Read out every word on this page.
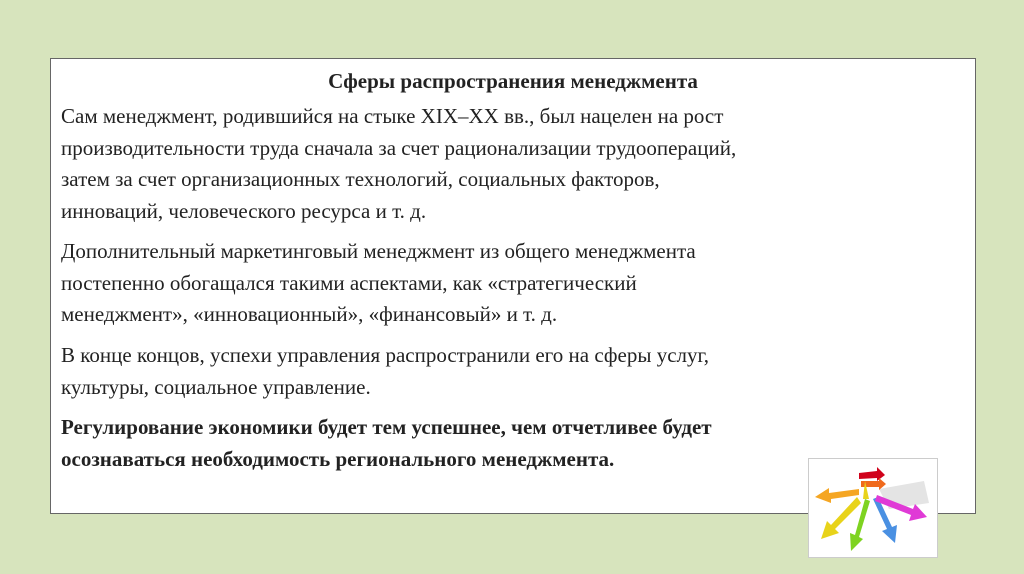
Сферы распространения менеджмента
Сам менеджмент, родившийся на стыке XIX–XX вв., был нацелен на рост
производительности труда сначала за счет рационализации трудоопераций,
затем за счет организационных технологий, социальных факторов,
инноваций, человеческого ресурса и т. д.
Дополнительный маркетинговый менеджмент из общего менеджмента
постепенно обогащался такими аспектами, как «стратегический
менеджмент», «инновационный», «финансовый» и т. д.
В конце концов, успехи управления распространили его на сферы услуг,
культуры, социальное управление.
Регулирование экономики будет тем успешнее, чем отчетливее будет
осознаваться необходимость регионального менеджмента.
